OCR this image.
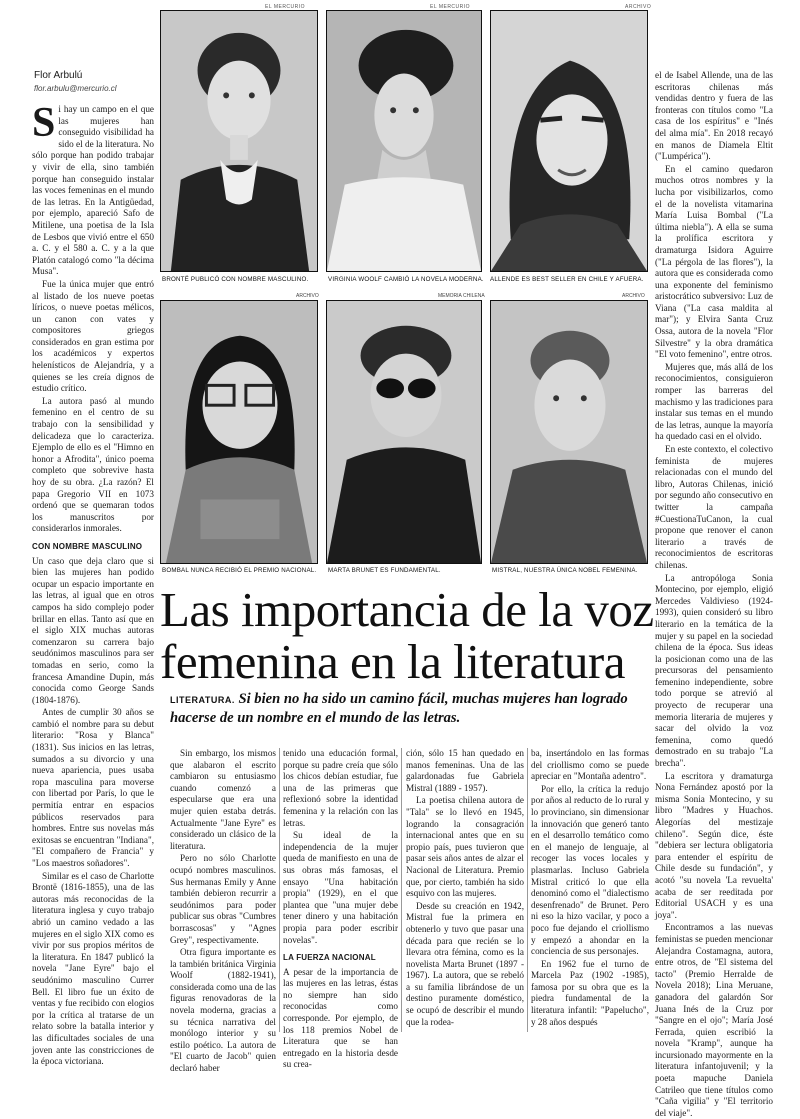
EL MERCURIO	EL MERCURIO	ARCHIVO
Flor Arbulú
flor.arbulu@mercurio.cl

Si hay un campo en el que las mujeres han conseguido visibilidad ha sido el de la literatura. No sólo porque han podido trabajar y vivir de ella, sino también porque han conseguido instalar las voces femeninas en el mundo de las letras. En la Antigüedad, por ejemplo, apareció Safo de Mitilene, una poetisa de la Isla de Lesbos que vivió entre el 650 a. C. y el 580 a. C. y a la que Platón catalogó como "la décima Musa".

Fue la única mujer que entró al listado de los nueve poetas líricos, o nueve poetas mélicos, un canon con vates y compositores griegos considerados en gran estima por los académicos y expertos helenísticos de Alejandría, y a quienes se les creía dignos de estudio crítico.

La autora pasó al mundo femenino en el centro de su trabajo con la sensibilidad y delicadeza que lo caracteriza. Ejemplo de ello es el "Himno en honor a Afrodita", único poema completo que sobrevive hasta hoy de su obra. ¿La razón? El papa Gregorio VII en 1073 ordenó que se quemaran todos los manuscritos por considerarlos inmorales.

CON NOMBRE MASCULINO

Un caso que deja claro que si bien las mujeres han podido ocupar un espacio importante en las letras, al igual que en otros campos ha sido complejo poder brillar en ellas. Tanto así que en el siglo XIX muchas autoras comenzaron su carrera bajo seudónimos masculinos para ser tomadas en serio, como la francesa Amandine Dupin, más conocida como George Sands (1804-1876).

Antes de cumplir 30 años se cambió el nombre para su debut literario: "Rosa y Blanca" (1831). Sus inicios en las letras, sumados a su divorcio y una nueva apariencia, pues usaba ropa masculina para moverse con libertad por París, lo que le permitía entrar en espacios públicos reservados para hombres. Entre sus novelas más exitosas se encuentran "Indiana", "El compañero de Francia" y "Los maestros soñadores".

Similar es el caso de Charlotte Brontë (1816-1855), una de las autoras más reconocidas de la literatura inglesa y cuyo trabajo abrió un camino vedado a las mujeres en el siglo XIX como es vivir por sus propios méritos de la literatura. En 1847 publicó la novela "Jane Eyre" bajo el seudónimo masculino Currer Bell. El libro fue un éxito de ventas y fue recibido con elogios por la crítica al tratarse de un relato sobre la batalla interior y las dificultades sociales de una joven ante las constricciones de la época victoriana.

BRONTË PUBLICÓ CON NOMBRE MASCULINO.	VIRGINIA WOOLF CAMBIÓ LA NOVELA MODERNA. ALLENDE ES BEST SELLER EN CHILE Y AFUERA.
ARCHIVO
BOMBAL NUNCA RECIBIÓ EL PREMIO NACIONAL.
MEMORIA CHILENA
MARTA BRUNET ES FUNDAMENTAL.
ARCHIVO
MISTRAL, NUESTRA ÚNICA NOBEL FEMENINA.
Las importancia de la voz
femenina en la literatura
LITERATURA. Si bien no ha sido un camino fácil, muchas mujeres han logrado hacerse de un nombre en el mundo de las letras.

Sin embargo, los mismos que alabaron el escrito cambiaron su entusiasmo cuando comenzó a especularse que era una mujer quien estaba detrás. Actualmente "Jane Eyre" es considerado un clásico de la literatura.

Pero no sólo Charlotte ocupó nombres masculinos. Sus hermanas Emily y Anne también debieron recurrir a seudónimos para poder publicar sus obras "Cumbres borrascosas" y "Agnes Grey", respectivamente.

Otra figura importante es la también británica Virginia Woolf (1882-1941), considerada como una de las figuras renovadoras de la novela moderna, gracias a su técnica narrativa del monólogo interior y su estilo poético. La autora de "El cuarto de Jacob" quien declaró haber

tenido una educación formal, porque su padre creía que sólo los chicos debían estudiar, fue una de las primeras que reflexionó sobre la identidad femenina y la relación con las letras.

Su ideal de la independencia de la mujer queda de manifiesto en una de sus obras más famosas, el ensayo "Una habitación propia" (1929), en el que plantea que "una mujer debe tener dinero y una habitación propia para poder escribir novelas".

LA FUERZA NACIONAL

A pesar de la importancia de las mujeres en las letras, éstas no siempre han sido reconocidas como corresponde. Por ejemplo, de los 118 premios Nobel de Literatura que se han entregado en la historia desde su crea-

ción, sólo 15 han quedado en manos femeninas. Una de las galardonadas fue Gabriela Mistral (1889 - 1957).

La poetisa chilena autora de "Tala" se lo llevó en 1945, logrando la consagración internacional antes que en su propio país, pues tuvieron que pasar seis años antes de alzar el Nacional de Literatura. Premio que, por cierto, también ha sido esquivo con las mujeres.

Desde su creación en 1942, Mistral fue la primera en obtenerlo y tuvo que pasar una década para que recién se lo llevara otra fémina, como es la novelista Marta Brunet (1897 - 1967). La autora, que se rebeló a su familia librándose de un destino puramente doméstico, se ocupó de describir el mundo que la rodea-

ba, insertándolo en las formas del criollismo como se puede apreciar en "Montaña adentro".

Por ello, la crítica la redujo por años al reducto de lo rural y lo provinciano, sin dimensionar la innovación que generó tanto en el desarrollo temático como en el manejo de lenguaje, al recoger las voces locales y plasmarlas. Incluso Gabriela Mistral criticó lo que ella denominó como el "dialectismo desenfrenado" de Brunet. Pero ni eso la hizo vacilar, y poco a poco fue dejando el criollismo y empezó a ahondar en la conciencia de sus personajes.

En 1962 fue el turno de Marcela Paz (1902 -1985), famosa por su obra que es la piedra fundamental de la literatura infantil: "Papelucho", y 28 años después

el de Isabel Allende, una de las escritoras chilenas más vendidas dentro y fuera de las fronteras con títulos como "La casa de los espíritus" e "Inés del alma mía". En 2018 recayó en manos de Diamela Eltit ("Lumpérica").

En el camino quedaron muchos otros nombres y la lucha por visibilizarlos, como el de la novelista vitamarina María Luisa Bombal ("La última niebla"). A ella se suma la prolífica escritora y dramaturga Isidora Aguirre ("La pérgola de las flores"), la autora que es considerada como una exponente del feminismo aristocrático subversivo: Luz de Viana ("La casa maldita al mar"); y Elvira Santa Cruz Ossa, autora de la novela "Flor Silvestre" y la obra dramática "El voto femenino", entre otros.

Mujeres que, más allá de los reconocimientos, consiguieron romper las barreras del machismo y las tradiciones para instalar sus temas en el mundo de las letras, aunque la mayoría ha quedado casi en el olvido.

En este contexto, el colectivo feminista de mujeres relacionadas con el mundo del libro, Autoras Chilenas, inició por segundo año consecutivo en twitter la campaña #CuestionaTuCanon, la cual propone que renover el canon literario a través de reconocimientos de escritoras chilenas.

La antropóloga Sonia Montecino, por ejemplo, eligió Mercedes Valdivieso (1924-1993), quien consideró su libro literario en la temática de la mujer y su papel en la sociedad chilena de la época. Sus ideas la posicionan como una de las precursoras del pensamiento femenino independiente, sobre todo porque se atrevió al proyecto de recuperar una memoria literaria de mujeres y sacar del olvido la voz femenina, como quedó demostrado en su trabajo "La brecha".

La escritora y dramaturga Nona Fernández apostó por la misma Sonia Montecino, y su libro "Madres y Huachos. Alegorías del mestizaje chileno". Según dice, éste "debiera ser lectura obligatoria para entender el espíritu de Chile desde su fundación", y acotó "su novela 'La revuelta' acaba de ser reeditada por Editorial USACH y es una joya".

Encontramos a las nuevas feministas se pueden mencionar Alejandra Costamagna, autora, entre otros, de "El sistema del tacto" (Premio Herralde de Novela 2018); Lina Meruane, ganadora del galardón Sor Juana Inés de la Cruz por "Sangre en el ojo"; María José Ferrada, quien escribió la novela "Kramp", aunque ha incursionado mayormente en la literatura infantojuvenil; y la poeta mapuche Daniela Catrileo que tiene títulos como "Caña vigilia" y "El territorio del viaje".
